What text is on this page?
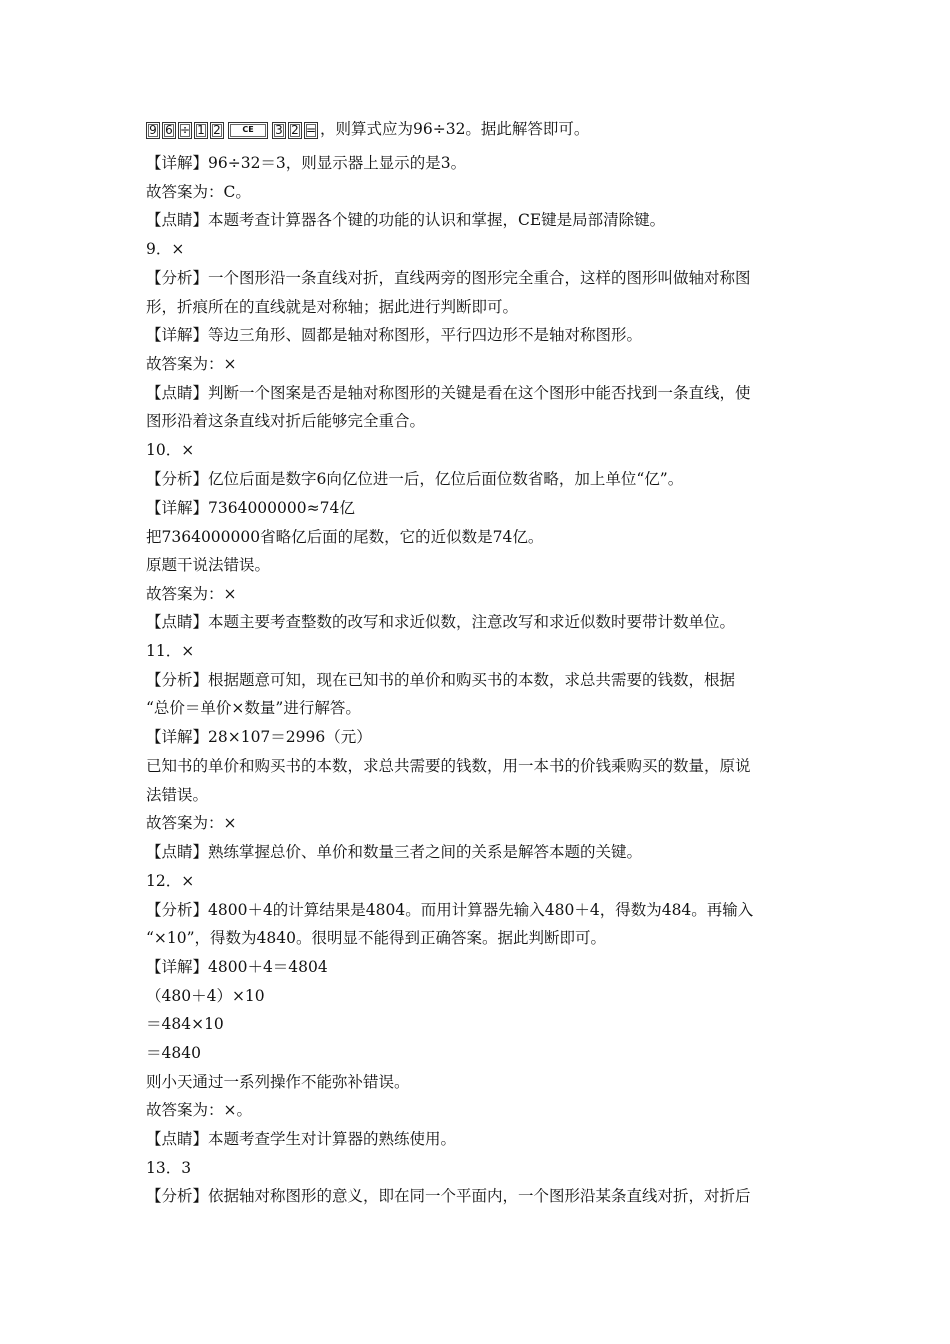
9 6 ÷ 1 2	CE	3 2 = ，则算式应为96÷32。据此解答即可。
【详解】96÷32＝3，则显示器上显示的是3。
故答案为：C。
【点睛】本题考查计算器各个键的功能的认识和掌握，CE键是局部清除键。
9．×
【分析】一个图形沿一条直线对折，直线两旁的图形完全重合，这样的图形叫做轴对称图
形，折痕所在的直线就是对称轴；据此进行判断即可。
【详解】等边三角形、圆都是轴对称图形，平行四边形不是轴对称图形。
故答案为：×
【点睛】判断一个图案是否是轴对称图形的关键是看在这个图形中能否找到一条直线，使
图形沿着这条直线对折后能够完全重合。
10．×
【分析】亿位后面是数字6向亿位进一后，亿位后面位数省略，加上单位“亿”。
【详解】7364000000≈74亿
把7364000000省略亿后面的尾数，它的近似数是74亿。
原题干说法错误。
故答案为：×
【点睛】本题主要考查整数的改写和求近似数，注意改写和求近似数时要带计数单位。
11．×
【分析】根据题意可知，现在已知书的单价和购买书的本数，求总共需要的钱数，根据
“总价＝单价×数量”进行解答。
【详解】28×107＝2996（元）
已知书的单价和购买书的本数，求总共需要的钱数，用一本书的价钱乘购买的数量，原说
法错误。
故答案为：×
【点睛】熟练掌握总价、单价和数量三者之间的关系是解答本题的关键。
12．×
【分析】4800＋4的计算结果是4804。而用计算器先输入480＋4，得数为484。再输入
“×10”，得数为4840。很明显不能得到正确答案。据此判断即可。
【详解】4800＋4＝4804
（480＋4）×10
＝484×10
＝4840
则小天通过一系列操作不能弥补错误。
故答案为：×。
【点睛】本题考查学生对计算器的熟练使用。
13．3
【分析】依据轴对称图形的意义，即在同一个平面内，一个图形沿某条直线对折，对折后
